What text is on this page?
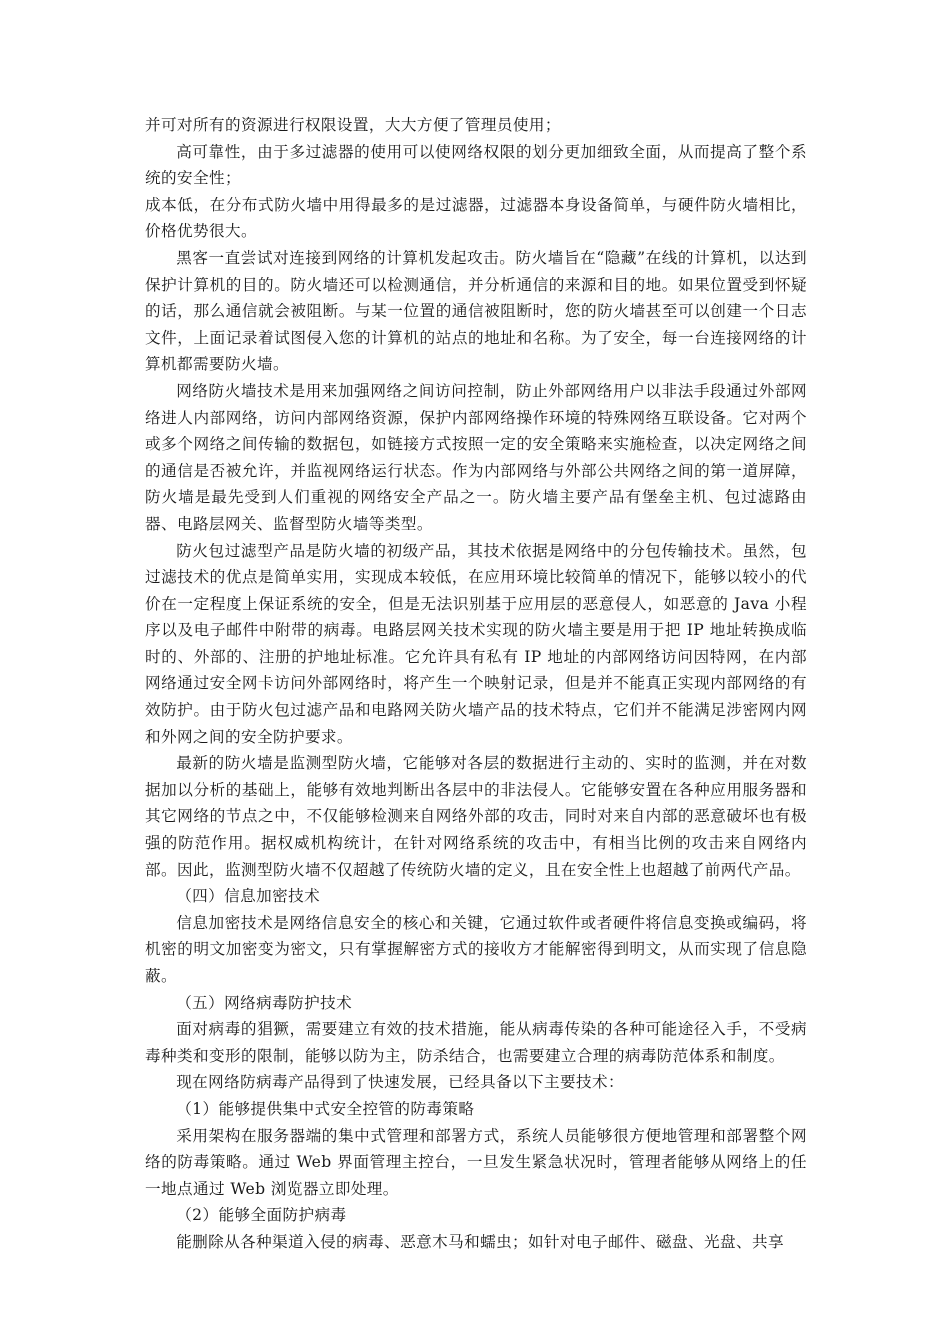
并可对所有的资源进行权限设置，大大方便了管理员使用；

高可靠性，由于多过滤器的使用可以使网络权限的划分更加细致全面，从而提高了整个系统的安全性；

成本低，在分布式防火墙中用得最多的是过滤器，过滤器本身设备简单，与硬件防火墙相比，价格优势很大。

黑客一直尝试对连接到网络的计算机发起攻击。防火墙旨在“隐藏”在线的计算机，以达到保护计算机的目的。防火墙还可以检测通信，并分析通信的来源和目的地。如果位置受到怀疑的话，那么通信就会被阻断。与某一位置的通信被阻断时，您的防火墙甚至可以创建一个日志文件，上面记录着试图侵入您的计算机的站点的地址和名称。为了安全，每一台连接网络的计算机都需要防火墙。

网络防火墙技术是用来加强网络之间访问控制，防止外部网络用户以非法手段通过外部网络进人内部网络，访问内部网络资源，保护内部网络操作环境的特殊网络互联设备。它对两个或多个网络之间传输的数据包，如链接方式按照一定的安全策略来实施检查，以决定网络之间的通信是否被允许，并监视网络运行状态。作为内部网络与外部公共网络之间的第一道屏障，防火墙是最先受到人们重视的网络安全产品之一。防火墙主要产品有堡垒主机、包过滤路由器、电路层网关、监督型防火墙等类型。

防火包过滤型产品是防火墙的初级产品，其技术依据是网络中的分包传输技术。虽然，包过滤技术的优点是简单实用，实现成本较低，在应用环境比较简单的情况下，能够以较小的代价在一定程度上保证系统的安全，但是无法识别基于应用层的恶意侵人，如恶意的 Java 小程序以及电子邮件中附带的病毒。电路层网关技术实现的防火墙主要是用于把 IP 地址转换成临时的、外部的、注册的护地址标准。它允许具有私有 IP 地址的内部网络访问因特网，在内部网络通过安全网卡访问外部网络时，将产生一个映射记录，但是并不能真正实现内部网络的有效防护。由于防火包过滤产品和电路网关防火墙产品的技术特点，它们并不能满足涉密网内网和外网之间的安全防护要求。

最新的防火墙是监测型防火墙，它能够对各层的数据进行主动的、实时的监测，并在对数据加以分析的基础上，能够有效地判断出各层中的非法侵人。它能够安置在各种应用服务器和其它网络的节点之中，不仅能够检测来自网络外部的攻击，同时对来自内部的恶意破坏也有极强的防范作用。据权威机构统计，在针对网络系统的攻击中，有相当比例的攻击来自网络内部。因此，监测型防火墙不仅超越了传统防火墙的定义，且在安全性上也超越了前两代产品。

（四）信息加密技术

信息加密技术是网络信息安全的核心和关键，它通过软件或者硬件将信息变换或编码，将机密的明文加密变为密文，只有掌握解密方式的接收方才能解密得到明文，从而实现了信息隐蔽。

（五）网络病毒防护技术

面对病毒的猖獗，需要建立有效的技术措施，能从病毒传染的各种可能途径入手，不受病毒种类和变形的限制，能够以防为主，防杀结合，也需要建立合理的病毒防范体系和制度。

现在网络防病毒产品得到了快速发展，已经具备以下主要技术：

（1）能够提供集中式安全控管的防毒策略

采用架构在服务器端的集中式管理和部署方式，系统人员能够很方便地管理和部署整个网络的防毒策略。通过 Web 界面管理主控台，一旦发生紧急状况时，管理者能够从网络上的任一地点通过 Web 浏览器立即处理。

（2）能够全面防护病毒

能删除从各种渠道入侵的病毒、恶意木马和蠕虫；如针对电子邮件、磁盘、光盘、共享
